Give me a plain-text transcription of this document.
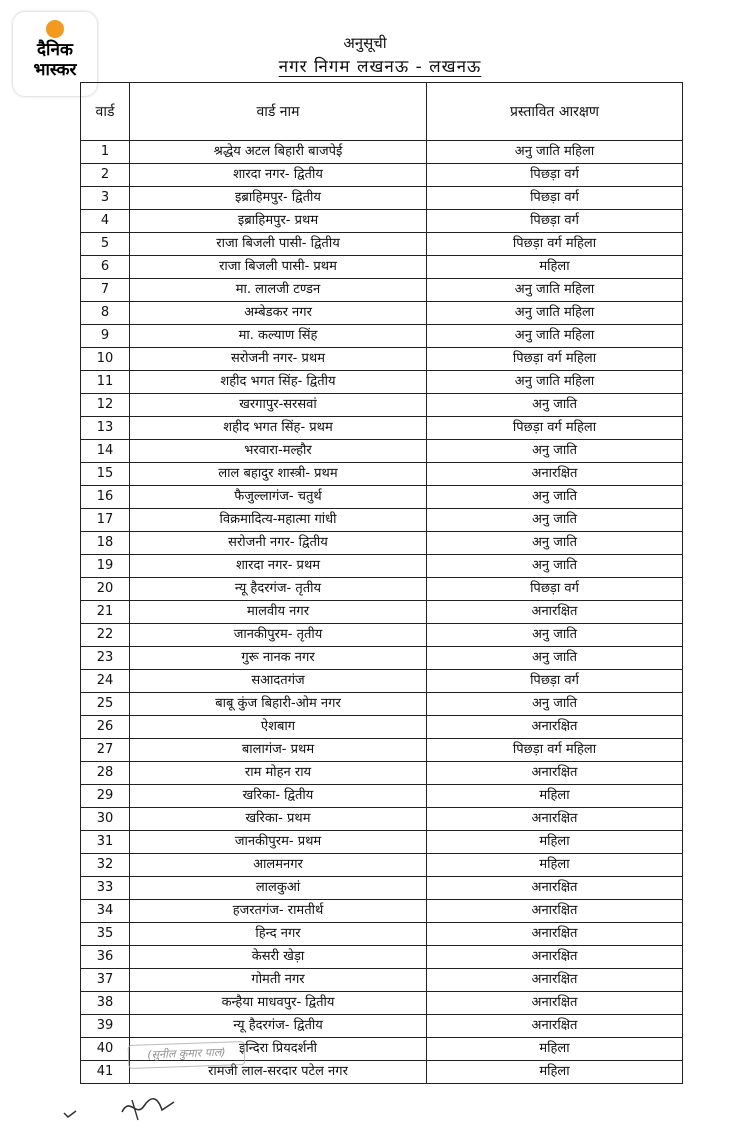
दैनिक
भास्कर
अनुसूची
नगर निगम लखनऊ - लखनऊ
वार्ड	वार्ड नाम	प्रस्तावित आरक्षण
1	श्रद्धेय अटल बिहारी बाजपेई	अनु जाति महिला
2	शारदा नगर- द्वितीय	पिछड़ा वर्ग
3	इब्राहिमपुर- द्वितीय	पिछड़ा वर्ग
4	इब्राहिमपुर- प्रथम	पिछड़ा वर्ग
5	राजा बिजली पासी- द्वितीय	पिछड़ा वर्ग महिला
6	राजा बिजली पासी- प्रथम	महिला
7	मा. लालजी टण्डन	अनु जाति महिला
8	अम्बेडकर नगर	अनु जाति महिला
9	मा. कल्याण सिंह	अनु जाति महिला
10	सरोजनी नगर- प्रथम	पिछड़ा वर्ग महिला
11	शहीद भगत सिंह- द्वितीय	अनु जाति महिला
12	खरगापुर-सरसवां	अनु जाति
13	शहीद भगत सिंह- प्रथम	पिछड़ा वर्ग महिला
14	भरवारा-मल्हौर	अनु जाति
15	लाल बहादुर शास्त्री- प्रथम	अनारक्षित
16	फैजुल्लागंज- चतुर्थ	अनु जाति
17	विक्रमादित्य-महात्मा गांधी	अनु जाति
18	सरोजनी नगर- द्वितीय	अनु जाति
19	शारदा नगर- प्रथम	अनु जाति
20	न्यू हैदरगंज- तृतीय	पिछड़ा वर्ग
21	मालवीय नगर	अनारक्षित
22	जानकीपुरम- तृतीय	अनु जाति
23	गुरू नानक नगर	अनु जाति
24	सआदतगंज	पिछड़ा वर्ग
25	बाबू कुंज बिहारी-ओम नगर	अनु जाति
26	ऐशबाग	अनारक्षित
27	बालागंज- प्रथम	पिछड़ा वर्ग महिला
28	राम मोहन राय	अनारक्षित
29	खरिका- द्वितीय	महिला
30	खरिका- प्रथम	अनारक्षित
31	जानकीपुरम- प्रथम	महिला
32	आलमनगर	महिला
33	लालकुआं	अनारक्षित
34	हजरतगंज- रामतीर्थ	अनारक्षित
35	हिन्द नगर	अनारक्षित
36	केसरी खेड़ा	अनारक्षित
37	गोमती नगर	अनारक्षित
38	कन्हैया माधवपुर- द्वितीय	अनारक्षित
39	न्यू हैदरगंज- द्वितीय	अनारक्षित
40	इन्दिरा प्रियदर्शनी	महिला
41	रामजी लाल-सरदार पटेल नगर	महिला
(सुनील कुमार पाल)
